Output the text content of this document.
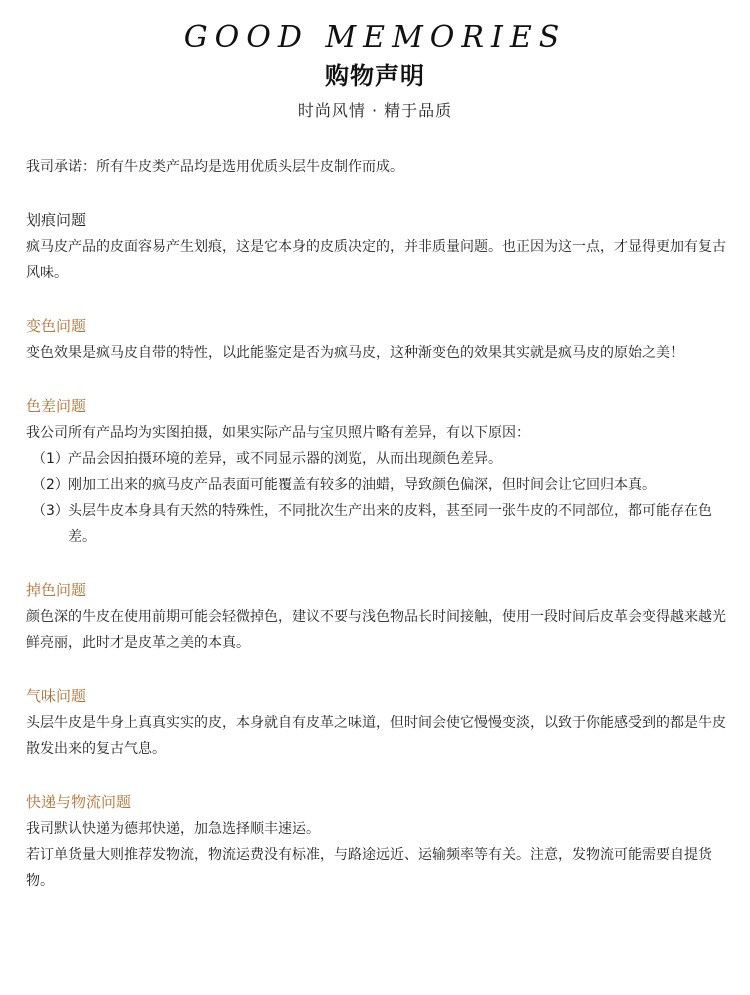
GOOD MEMORIES
购物声明
时尚风情 · 精于品质

我司承诺：所有牛皮类产品均是选用优质头层牛皮制作而成。

划痕问题

疯马皮产品的皮面容易产生划痕，这是它本身的皮质决定的，并非质量问题。也正因为这一点，才显得更加有复古风味。

变色问题

变色效果是疯马皮自带的特性，以此能鉴定是否为疯马皮，这种渐变色的效果其实就是疯马皮的原始之美！

色差问题

我公司所有产品均为实图拍摄，如果实际产品与宝贝照片略有差异，有以下原因：

（1） 产品会因拍摄环境的差异，或不同显示器的浏览，从而出现颜色差异。
（2） 刚加工出来的疯马皮产品表面可能覆盖有较多的油蜡，导致颜色偏深，但时间会让它回归本真。
（3） 头层牛皮本身具有天然的特殊性，不同批次生产出来的皮料，甚至同一张牛皮的不同部位，都可能存在色差。

掉色问题

颜色深的牛皮在使用前期可能会轻微掉色，建议不要与浅色物品长时间接触，使用一段时间后皮革会变得越来越光鲜亮丽，此时才是皮革之美的本真。

气味问题

头层牛皮是牛身上真真实实的皮，本身就自有皮革之味道，但时间会使它慢慢变淡，以致于你能感受到的都是牛皮散发出来的复古气息。

快递与物流问题

我司默认快递为德邦快递，加急选择顺丰速运。

若订单货量大则推荐发物流，物流运费没有标准，与路途远近、运输频率等有关。注意，发物流可能需要自提货物。
